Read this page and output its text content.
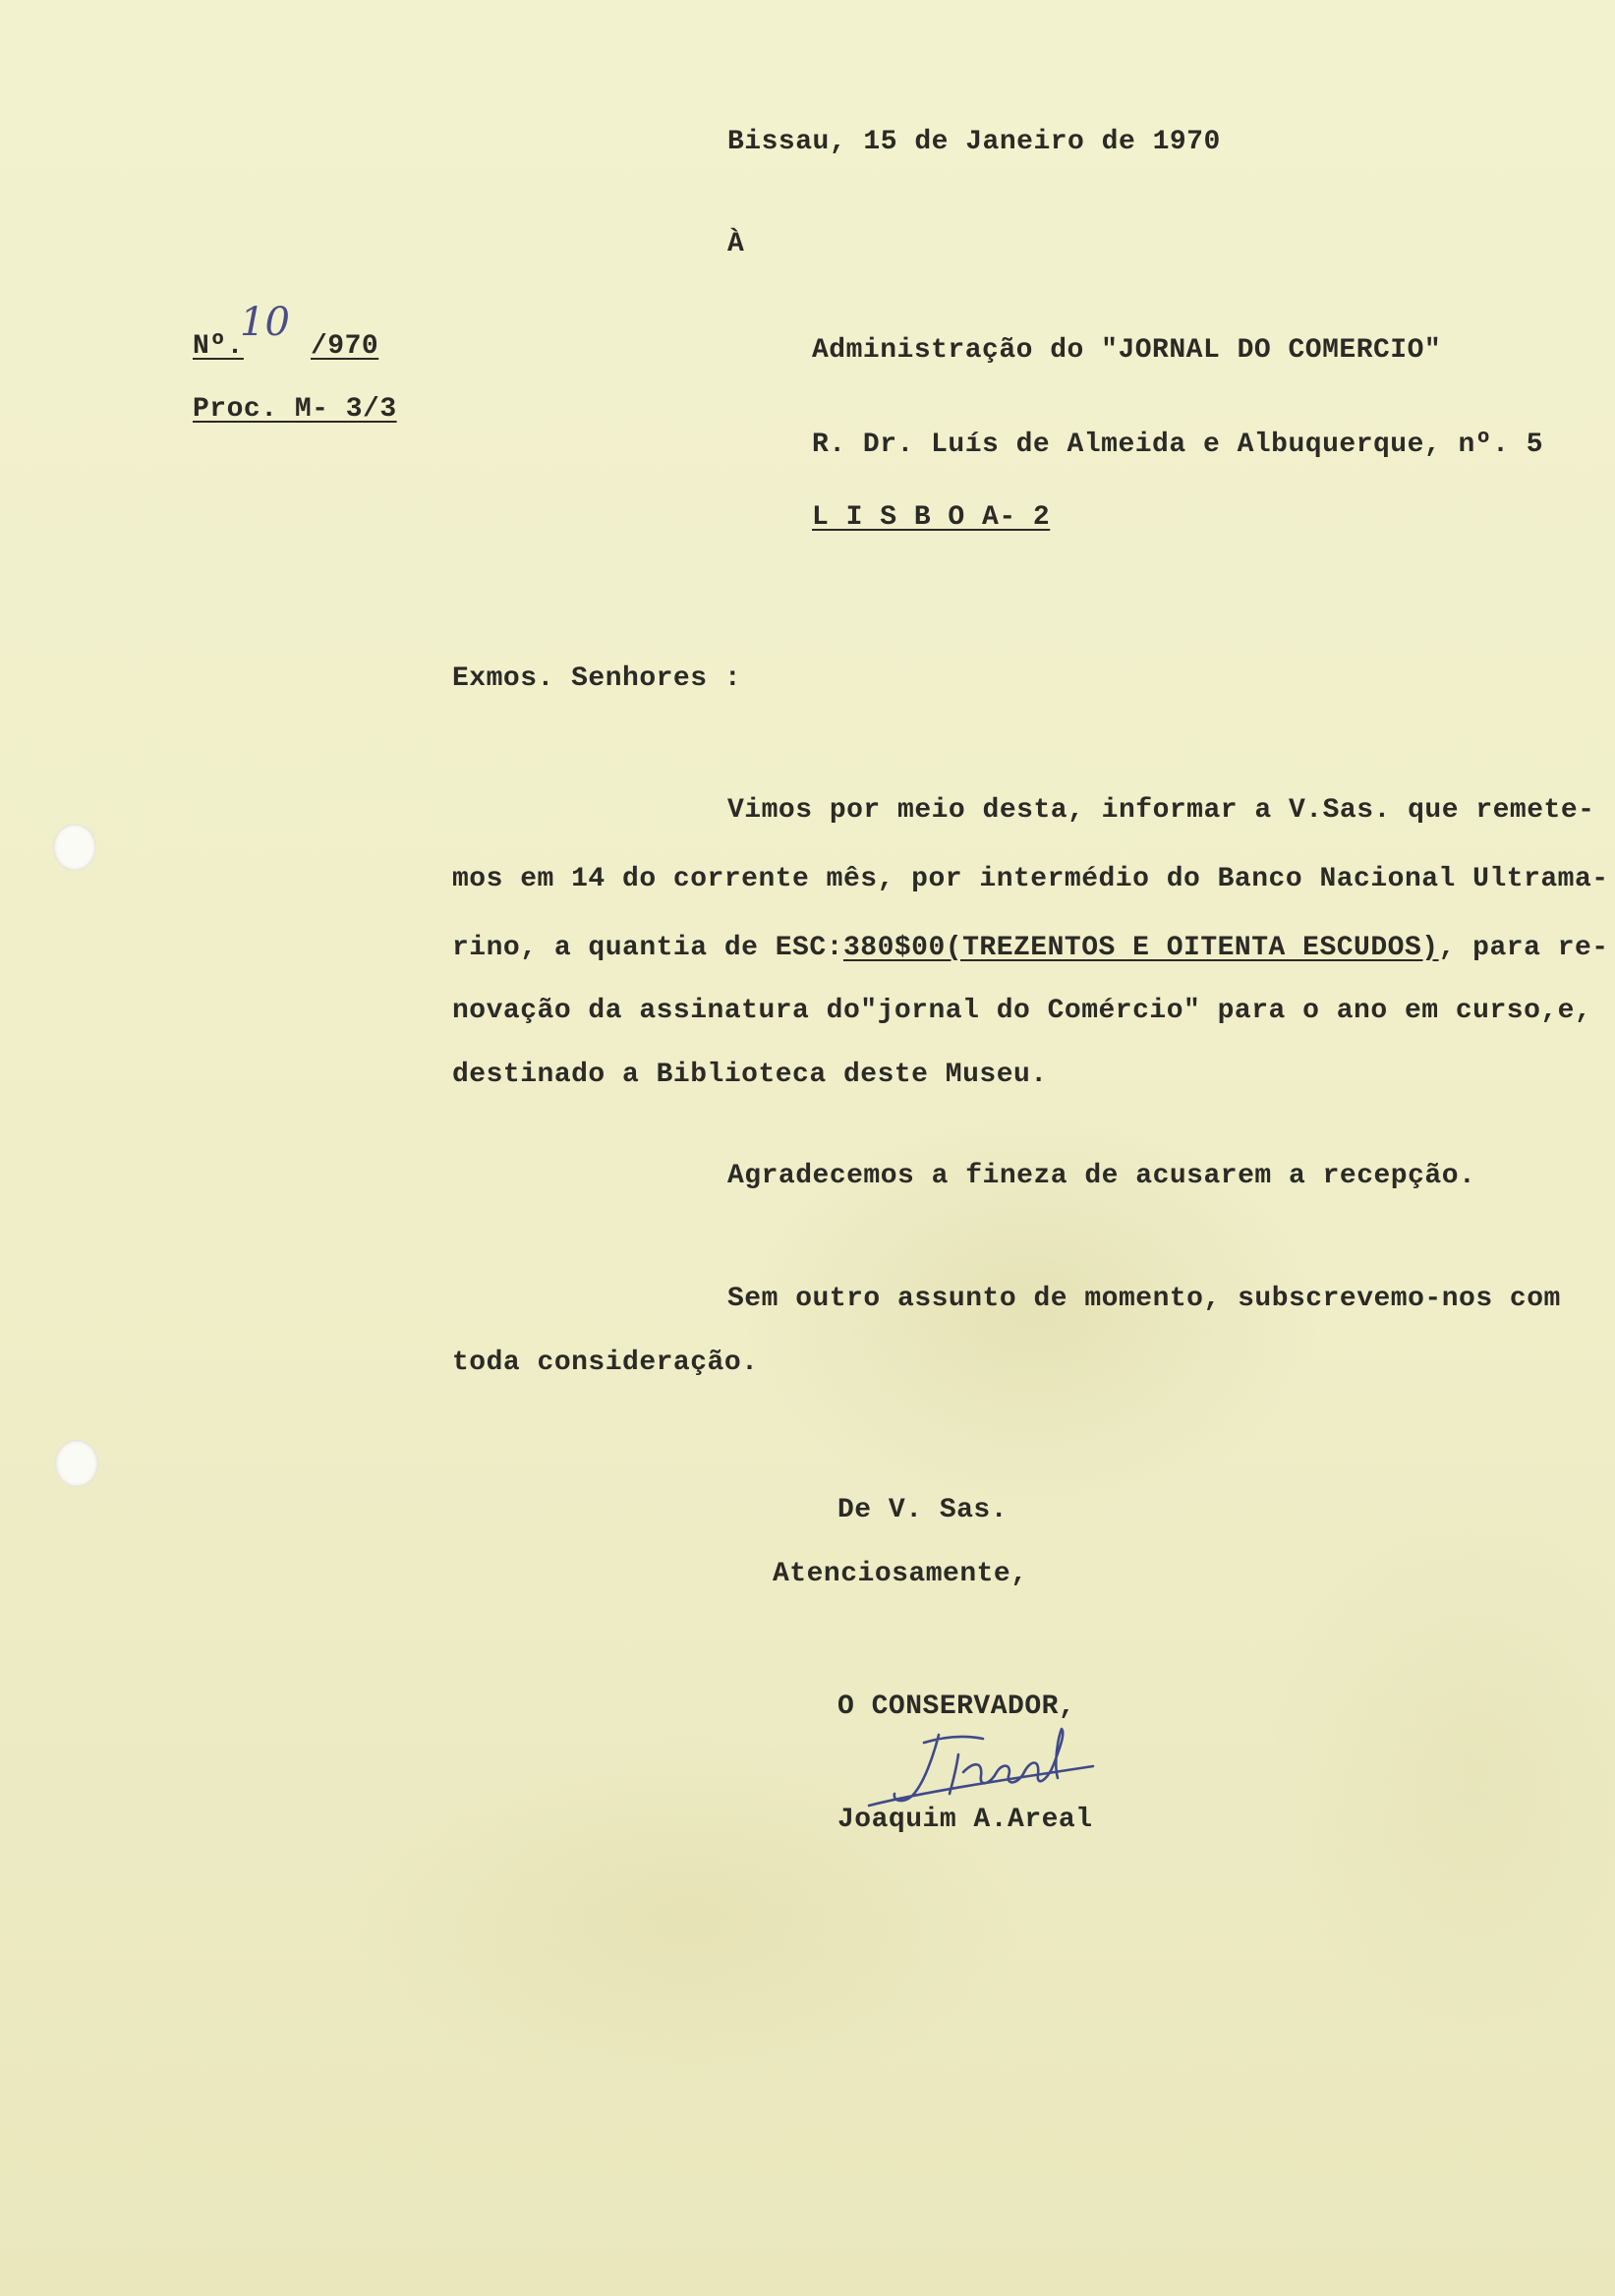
Bissau, 15 de Janeiro de 1970
À
Nº.
10
/970
Proc. M- 3/3
Administração do "JORNAL DO COMERCIO"
R. Dr. Luís de Almeida e Albuquerque, nº. 5
L I S B O A- 2
Exmos. Senhores :
Vimos por meio desta, informar a V.Sas. que remete-
mos em 14 do corrente mês, por intermédio do Banco Nacional Ultrama-
rino, a quantia de ESC:380$00(TREZENTOS E OITENTA ESCUDOS), para re-
novação da assinatura do"jornal do Comércio" para o ano em curso,e,
destinado a Biblioteca deste Museu.
Agradecemos a fineza de acusarem a recepção.
Sem outro assunto de momento, subscrevemo-nos com
toda consideração.
De V. Sas.
Atenciosamente,
O CONSERVADOR,
Joaquim A.Areal
